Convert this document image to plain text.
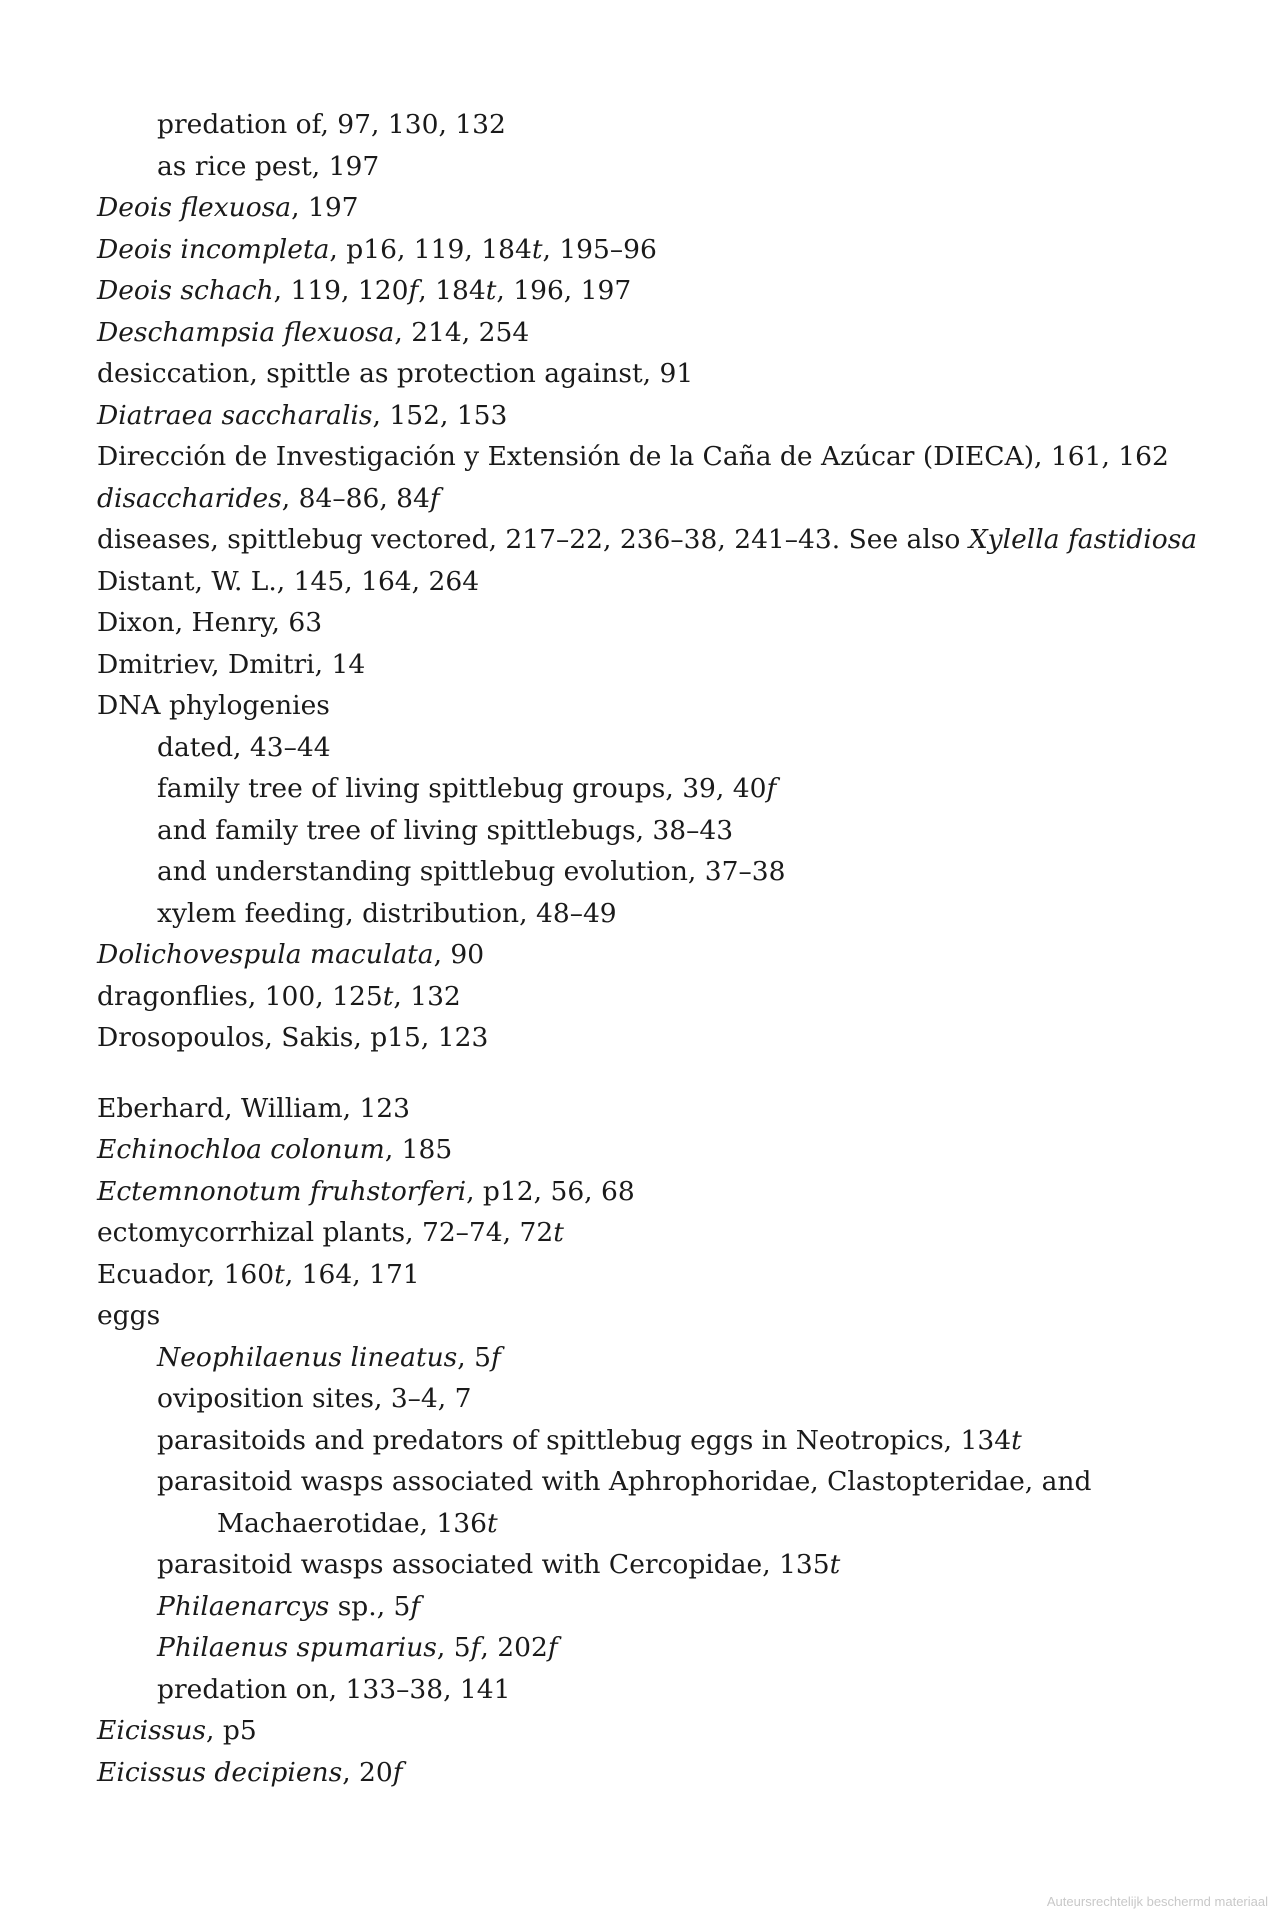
predation of, 97, 130, 132
as rice pest, 197
Deois flexuosa, 197
Deois incompleta, p16, 119, 184t, 195–96
Deois schach, 119, 120f, 184t, 196, 197
Deschampsia flexuosa, 214, 254
desiccation, spittle as protection against, 91
Diatraea saccharalis, 152, 153
Dirección de Investigación y Extensión de la Caña de Azúcar (DIECA), 161, 162
disaccharides, 84–86, 84f
diseases, spittlebug vectored, 217–22, 236–38, 241–43. See also Xylella fastidiosa
Distant, W. L., 145, 164, 264
Dixon, Henry, 63
Dmitriev, Dmitri, 14
DNA phylogenies
dated, 43–44
family tree of living spittlebug groups, 39, 40f
and family tree of living spittlebugs, 38–43
and understanding spittlebug evolution, 37–38
xylem feeding, distribution, 48–49
Dolichovespula maculata, 90
dragonflies, 100, 125t, 132
Drosopoulos, Sakis, p15, 123
Eberhard, William, 123
Echinochloa colonum, 185
Ectemnonotum fruhstorferi, p12, 56, 68
ectomycorrhizal plants, 72–74, 72t
Ecuador, 160t, 164, 171
eggs
Neophilaenus lineatus, 5f
oviposition sites, 3–4, 7
parasitoids and predators of spittlebug eggs in Neotropics, 134t
parasitoid wasps associated with Aphrophoridae, Clastopteridae, and
Machaerotidae, 136t
parasitoid wasps associated with Cercopidae, 135t
Philaenarcys sp., 5f
Philaenus spumarius, 5f, 202f
predation on, 133–38, 141
Eicissus, p5
Eicissus decipiens, 20f
Auteursrechtelijk beschermd materiaal
